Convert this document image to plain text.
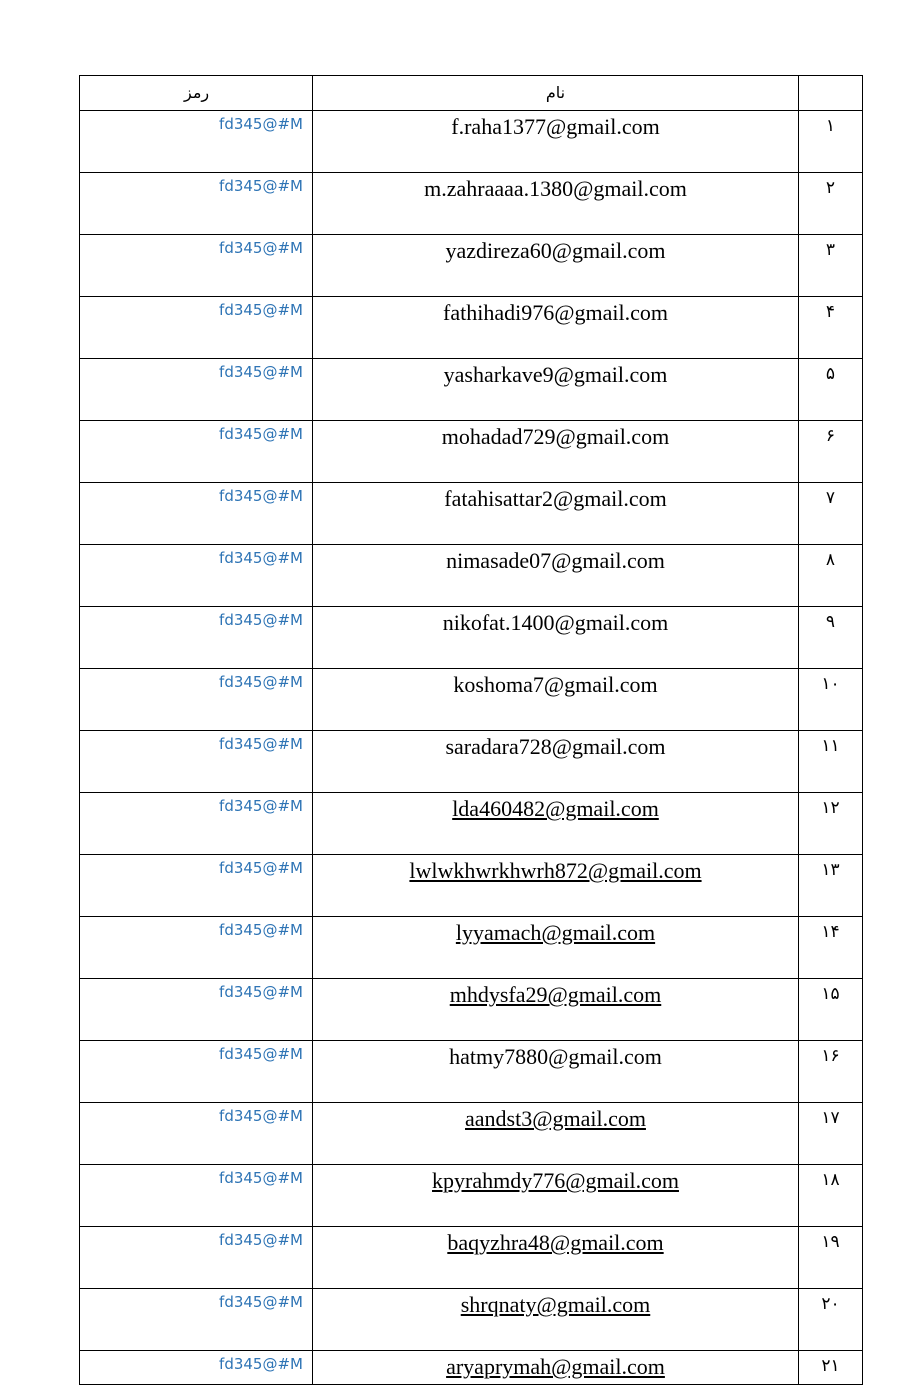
رمز	نام	
fd345@#M	f.raha1377@gmail.com	۱
fd345@#M	m.zahraaaa.1380@gmail.com	۲
fd345@#M	yazdireza60@gmail.com	۳
fd345@#M	fathihadi976@gmail.com	۴
fd345@#M	yasharkave9@gmail.com	۵
fd345@#M	mohadad729@gmail.com	۶
fd345@#M	fatahisattar2@gmail.com	۷
fd345@#M	nimasade07@gmail.com	۸
fd345@#M	nikofat.1400@gmail.com	۹
fd345@#M	koshoma7@gmail.com	۱۰
fd345@#M	saradara728@gmail.com	۱۱
fd345@#M	lda460482@gmail.com	۱۲
fd345@#M	lwlwkhwrkhwrh872@gmail.com	۱۳
fd345@#M	lyyamach@gmail.com	۱۴
fd345@#M	mhdysfa29@gmail.com	۱۵
fd345@#M	hatmy7880@gmail.com	۱۶
fd345@#M	aandst3@gmail.com	۱۷
fd345@#M	kpyrahmdy776@gmail.com	۱۸
fd345@#M	baqyzhra48@gmail.com	۱۹
fd345@#M	shrqnaty@gmail.com	۲۰
fd345@#M	aryaprymah@gmail.com	۲۱
